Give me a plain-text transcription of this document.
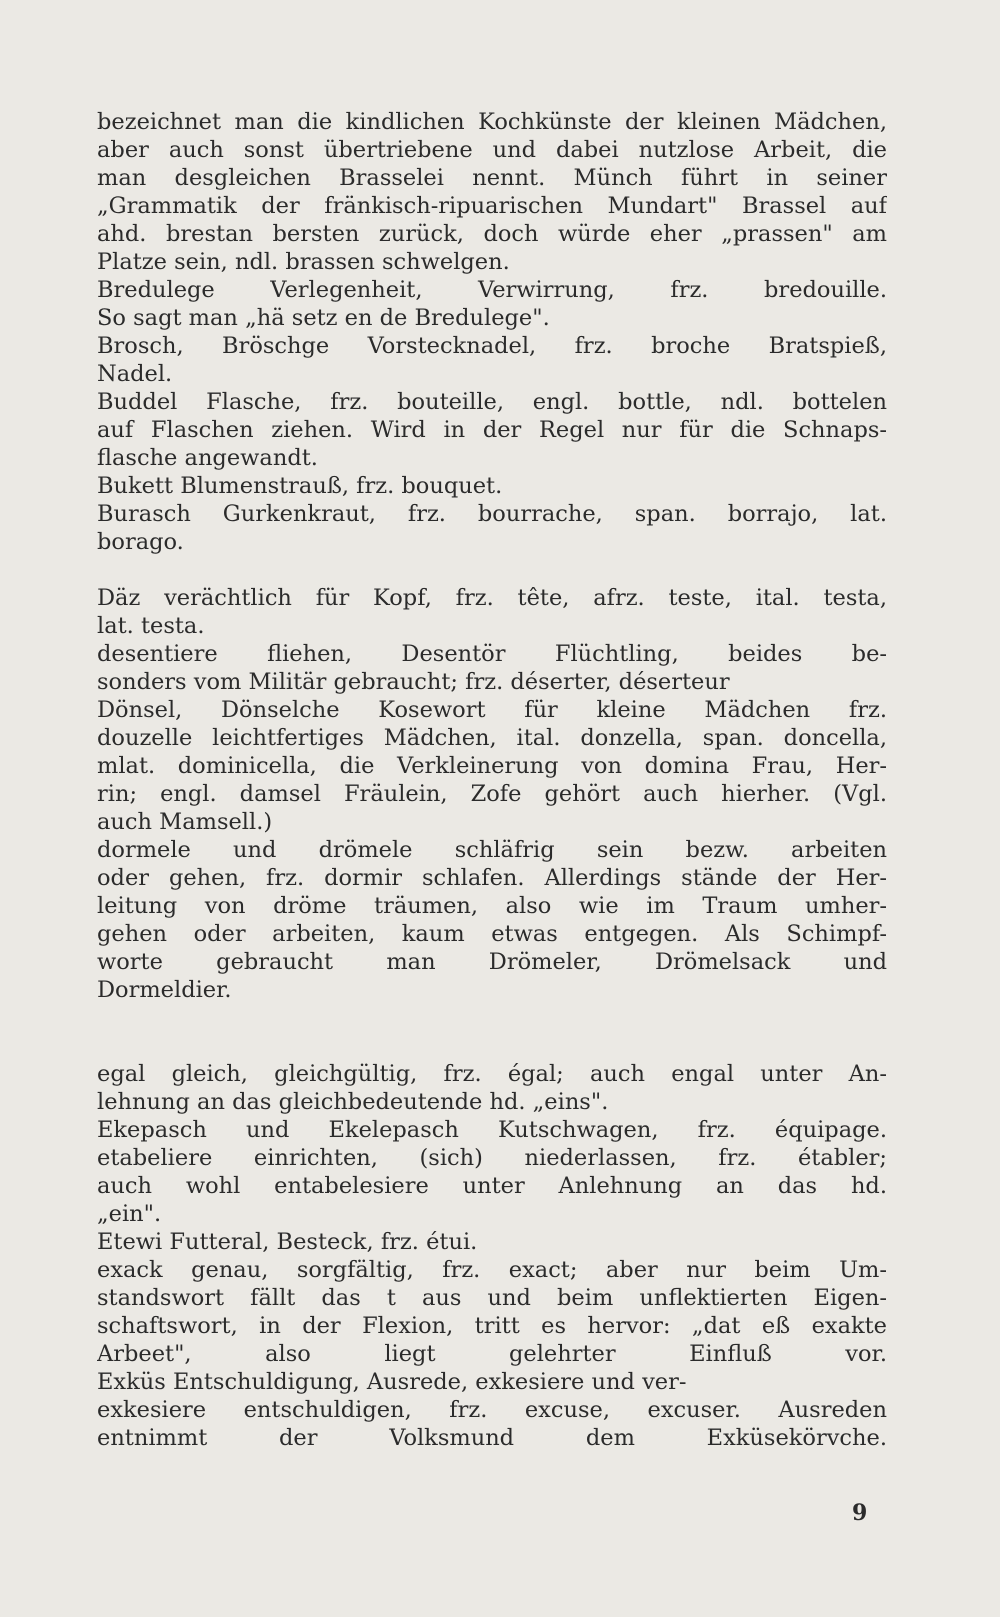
bezeichnet man die kindlichen Kochkünste der kleinen Mädchen,
aber auch sonst übertriebene und dabei nutzlose Arbeit, die
man desgleichen Brasselei nennt. Münch führt in seiner
„Grammatik der fränkisch-ripuarischen Mundart" Brassel auf
ahd. brestan bersten zurück, doch würde eher „prassen" am
Platze sein, ndl. brassen schwelgen.
Bredulege Verlegenheit, Verwirrung, frz. bredouille.
So sagt man „hä setz en de Bredulege".
Brosch, Bröschge Vorstecknadel, frz. broche Bratspieß,
Nadel.
Buddel Flasche, frz. bouteille, engl. bottle, ndl. bottelen
auf Flaschen ziehen. Wird in der Regel nur für die Schnaps-
flasche angewandt.
Bukett Blumenstrauß, frz. bouquet.
Burasch Gurkenkraut, frz. bourrache, span. borrajo, lat.
borago.
Däz verächtlich für Kopf, frz. tête, afrz. teste, ital. testa,
lat. testa.
desentiere fliehen, Desentör Flüchtling, beides be-
sonders vom Militär gebraucht; frz. déserter, déserteur
Dönsel, Dönselche Kosewort für kleine Mädchen frz.
douzelle leichtfertiges Mädchen, ital. donzella, span. doncella,
mlat. dominicella, die Verkleinerung von domina Frau, Her-
rin; engl. damsel Fräulein, Zofe gehört auch hierher. (Vgl.
auch Mamsell.)
dormele und drömele schläfrig sein bezw. arbeiten
oder gehen, frz. dormir schlafen. Allerdings stände der Her-
leitung von dröme träumen, also wie im Traum umher-
gehen oder arbeiten, kaum etwas entgegen. Als Schimpf-
worte gebraucht man Drömeler, Drömelsack und
Dormeldier.
egal gleich, gleichgültig, frz. égal; auch engal unter An-
lehnung an das gleichbedeutende hd. „eins".
Ekepasch und Ekelepasch Kutschwagen, frz. équipage.
etabeliere einrichten, (sich) niederlassen, frz. établer;
auch wohl entabelesiere unter Anlehnung an das hd.
„ein".
Etewi Futteral, Besteck, frz. étui.
exack genau, sorgfältig, frz. exact; aber nur beim Um-
standswort fällt das t aus und beim unflektierten Eigen-
schaftswort, in der Flexion, tritt es hervor: „dat eß exakte
Arbeet", also liegt gelehrter Einfluß vor.
Exküs Entschuldigung, Ausrede, exkesiere und ver-
exkesiere entschuldigen, frz. excuse, excuser. Ausreden
entnimmt der Volksmund dem Exküsekörvche.
9
